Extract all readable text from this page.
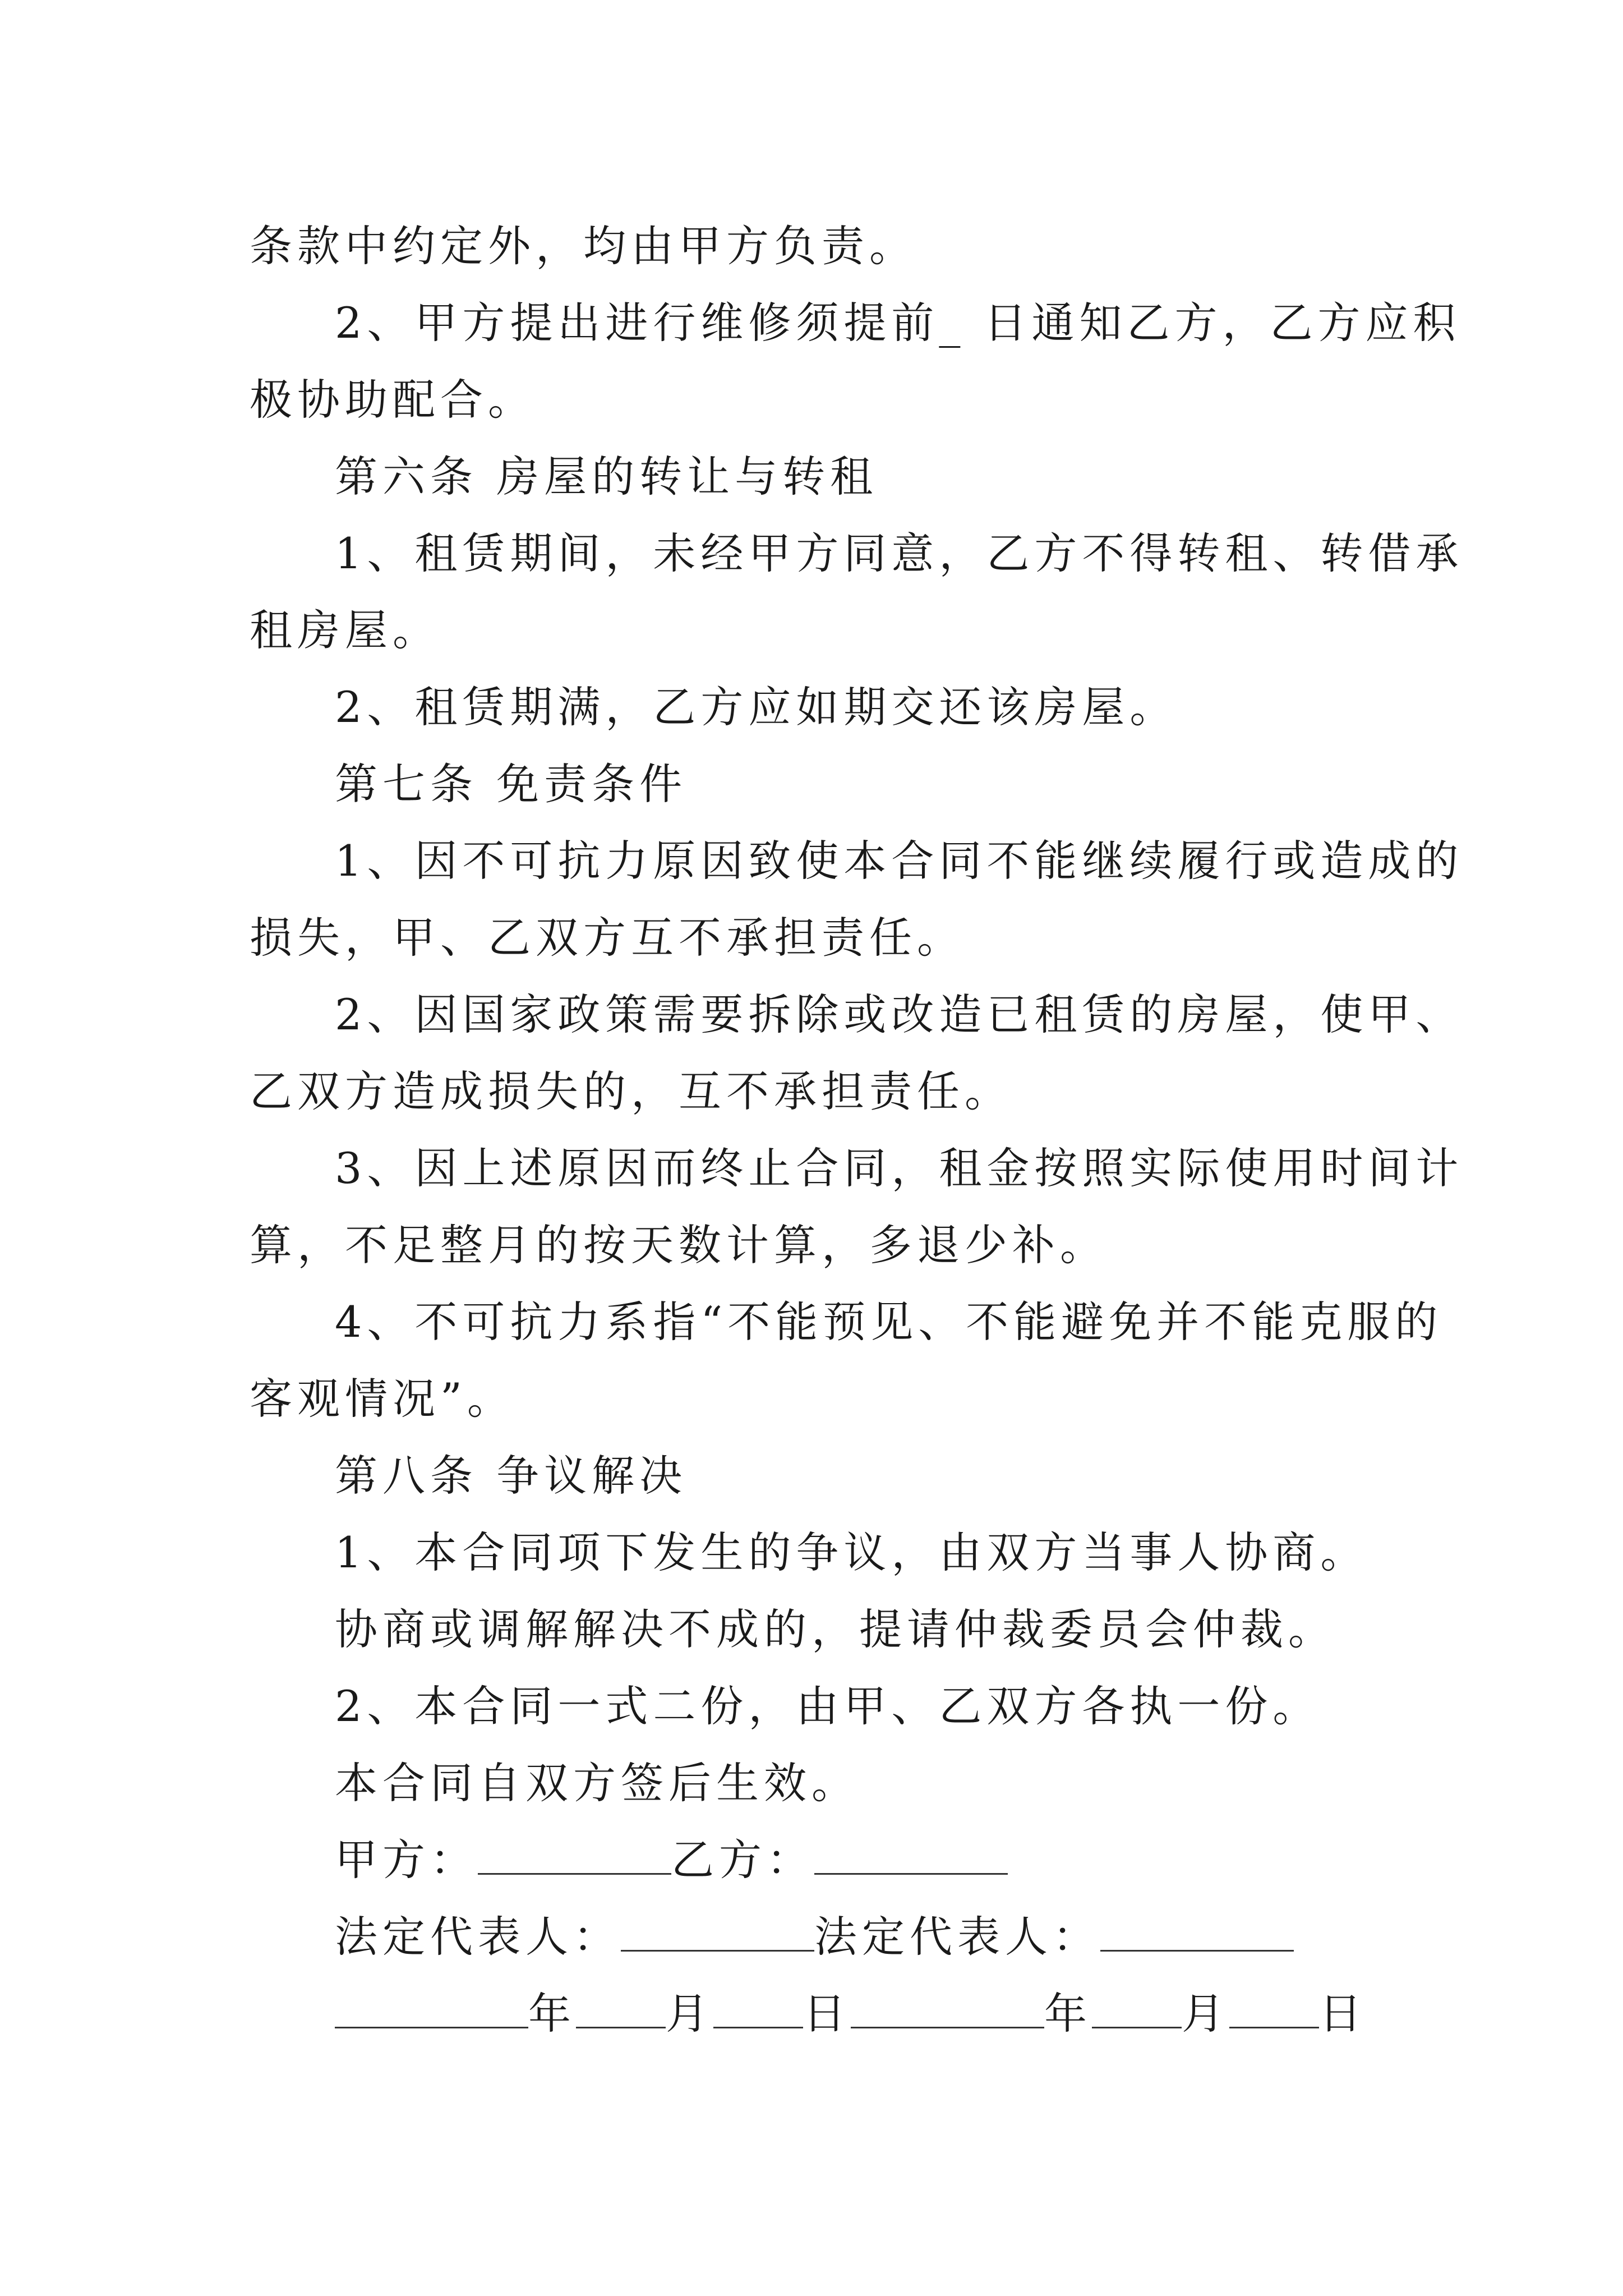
条款中约定外，均由甲方负责。

2、甲方提出进行维修须提前_ 日通知乙方，乙方应积

极协助配合。

第六条 房屋的转让与转租

1、租赁期间，未经甲方同意，乙方不得转租、转借承

租房屋。

2、租赁期满，乙方应如期交还该房屋。

第七条 免责条件

1、因不可抗力原因致使本合同不能继续履行或造成的

损失，甲、乙双方互不承担责任。

2、因国家政策需要拆除或改造已租赁的房屋，使甲、

乙双方造成损失的，互不承担责任。

3、因上述原因而终止合同，租金按照实际使用时间计

算，不足整月的按天数计算，多退少补。

4、不可抗力系指“不能预见、不能避免并不能克服的

客观情况”。

第八条 争议解决

1、本合同项下发生的争议，由双方当事人协商。

协商或调解解决不成的，提请仲裁委员会仲裁。

2、本合同一式二份，由甲、乙双方各执一份。

本合同自双方签后生效。

甲方：	乙方：
法定代表人：	法定代表人：
年 月 日	年 月 日
